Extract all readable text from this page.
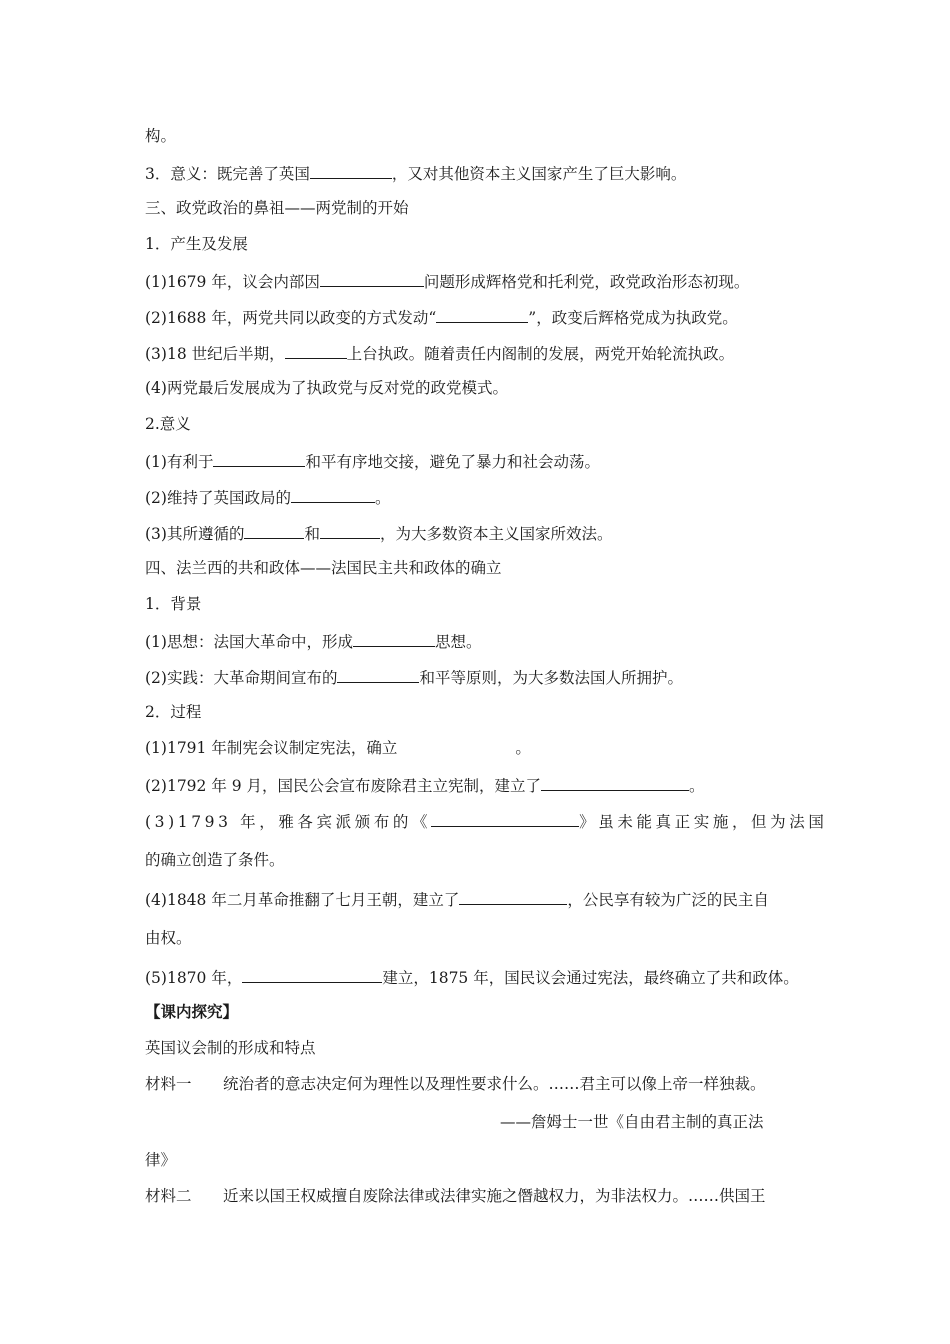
构。
3．意义：既完善了英国	，又对其他资本主义国家产生了巨大影响。
三、政党政治的鼻祖——两党制的开始
1．产生及发展
(1)1679 年，议会内部因	问题形成辉格党和托利党，政党政治形态初现。
(2)1688 年，两党共同以政变的方式发动“	”，政变后辉格党成为执政党。
(3)18 世纪后半期，	上台执政。随着责任内阁制的发展，两党开始轮流执政。
(4)两党最后发展成为了执政党与反对党的政党模式。
2.意义
(1)有利于	和平有序地交接，避免了暴力和社会动荡。
(2)维持了英国政局的	。
(3)其所遵循的	和	，为大多数资本主义国家所效法。
四、法兰西的共和政体——法国民主共和政体的确立
1．背景
(1)思想：法国大革命中，形成	思想。
(2)实践：大革命期间宣布的	和平等原则，为大多数法国人所拥护。
2．过程
(1)1791 年制宪会议制定宪法，确立	。
(2)1792 年 9 月，国民公会宣布废除君主立宪制，建立了	。
(3)1793 年，雅各宾派颁布的《	》虽未能真正实施，但为法国
的确立创造了条件。
(4)1848 年二月革命推翻了七月王朝，建立了	，公民享有较为广泛的民主自
由权。
(5)1870 年，	建立，1875 年，国民议会通过宪法，最终确立了共和政体。
【课内探究】
英国议会制的形成和特点
材料一 统治者的意志决定何为理性以及理性要求什么。……君主可以像上帝一样独裁。
——詹姆士一世《自由君主制的真正法
律》
材料二 近来以国王权威擅自废除法律或法律实施之僭越权力，为非法权力。……供国王
